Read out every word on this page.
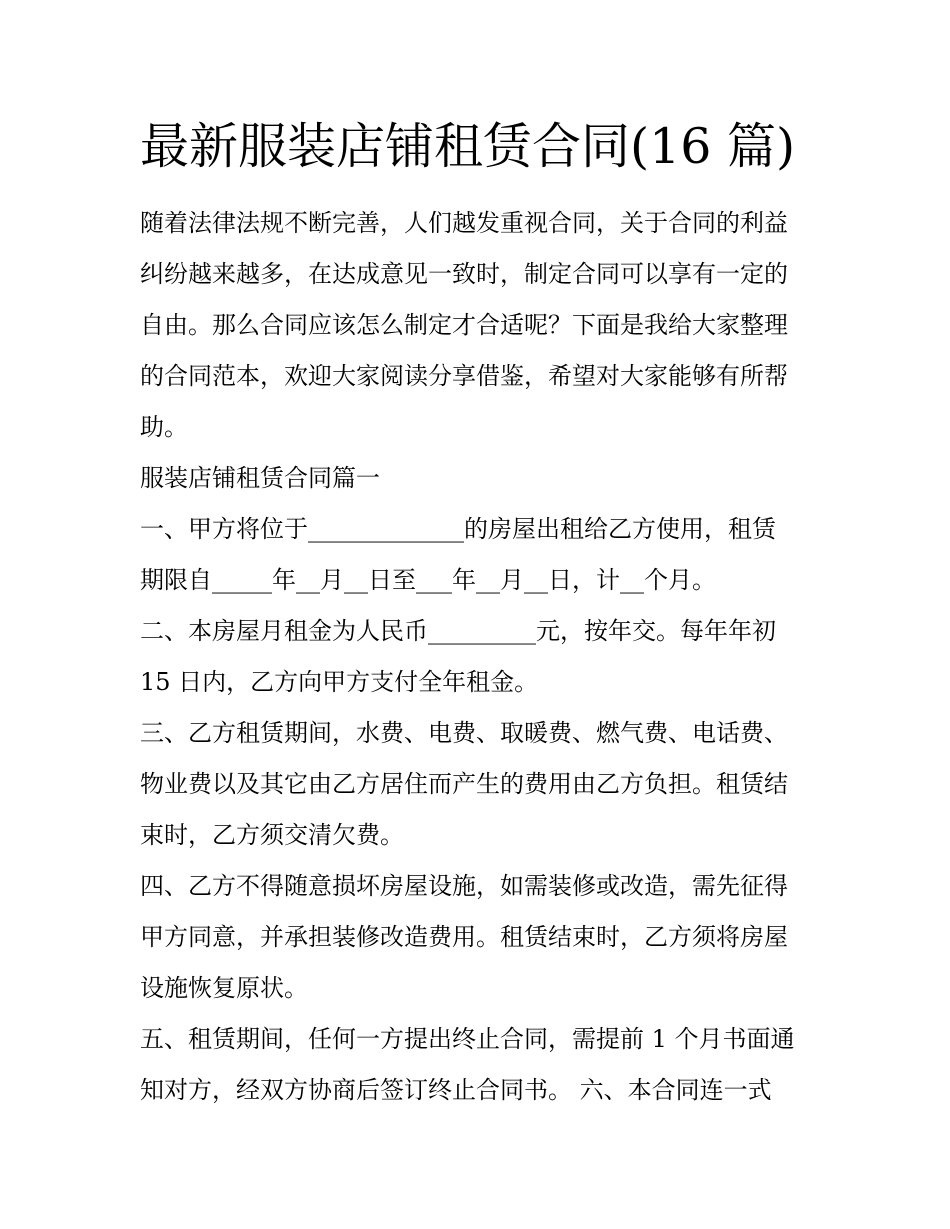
最新服装店铺租赁合同(16 篇)

随着法律法规不断完善，人们越发重视合同，关于合同的利益

纠纷越来越多，在达成意见一致时，制定合同可以享有一定的

自由。那么合同应该怎么制定才合适呢？下面是我给大家整理

的合同范本，欢迎大家阅读分享借鉴，希望对大家能够有所帮

助。

服装店铺租赁合同篇一

一、甲方将位于_____________的房屋出租给乙方使用，租赁

期限自_____年__月__日至___年__月__日，计__个月。

二、本房屋月租金为人民币_________元，按年交。每年年初

15 日内，乙方向甲方支付全年租金。

三、乙方租赁期间，水费、电费、取暖费、燃气费、电话费、

物业费以及其它由乙方居住而产生的费用由乙方负担。租赁结

束时，乙方须交清欠费。

四、乙方不得随意损坏房屋设施，如需装修或改造，需先征得

甲方同意，并承担装修改造费用。租赁结束时，乙方须将房屋

设施恢复原状。

五、租赁期间，任何一方提出终止合同，需提前 1 个月书面通

知对方，经双方协商后签订终止合同书。 六、本合同连一式
